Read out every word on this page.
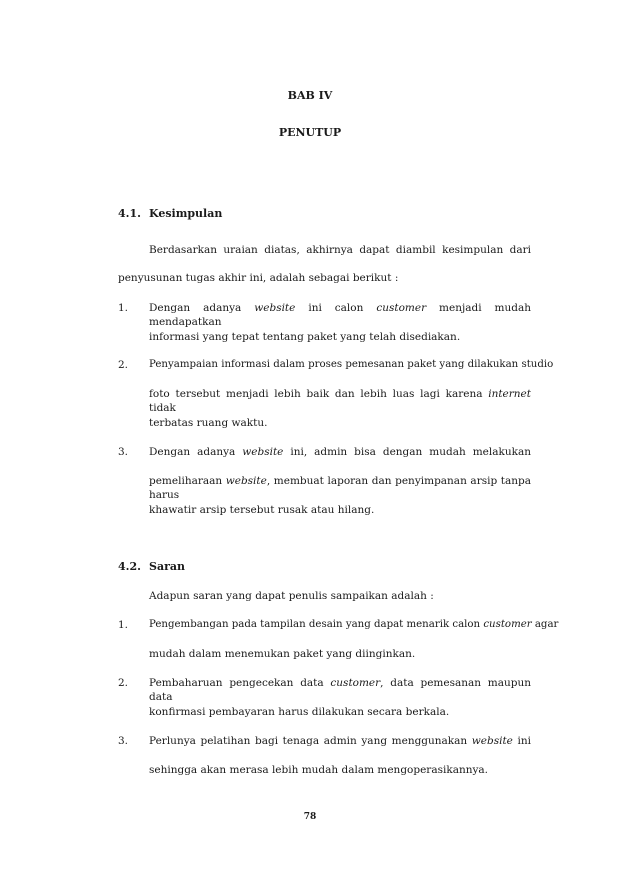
BAB IV
PENUTUP
4.1. Kesimpulan
Berdasarkan uraian diatas, akhirnya dapat diambil kesimpulan dari
penyusunan tugas akhir ini, adalah sebagai berikut :
1. Dengan adanya website ini calon customer menjadi mudah mendapatkan
informasi yang tepat tentang paket yang telah disediakan.
2. Penyampaian informasi dalam proses pemesanan paket yang dilakukan studio
foto tersebut menjadi lebih baik dan lebih luas lagi karena internet tidak
terbatas ruang waktu.
3. Dengan adanya website ini, admin bisa dengan mudah melakukan
pemeliharaan website, membuat laporan dan penyimpanan arsip tanpa harus
khawatir arsip tersebut rusak atau hilang.
4.2. Saran
Adapun saran yang dapat penulis sampaikan adalah :
1. Pengembangan pada tampilan desain yang dapat menarik calon customer agar
mudah dalam menemukan paket yang diinginkan.
2. Pembaharuan pengecekan data customer, data pemesanan maupun data
konfirmasi pembayaran harus dilakukan secara berkala.
3. Perlunya pelatihan bagi tenaga admin yang menggunakan website ini
sehingga akan merasa lebih mudah dalam mengoperasikannya.
78
